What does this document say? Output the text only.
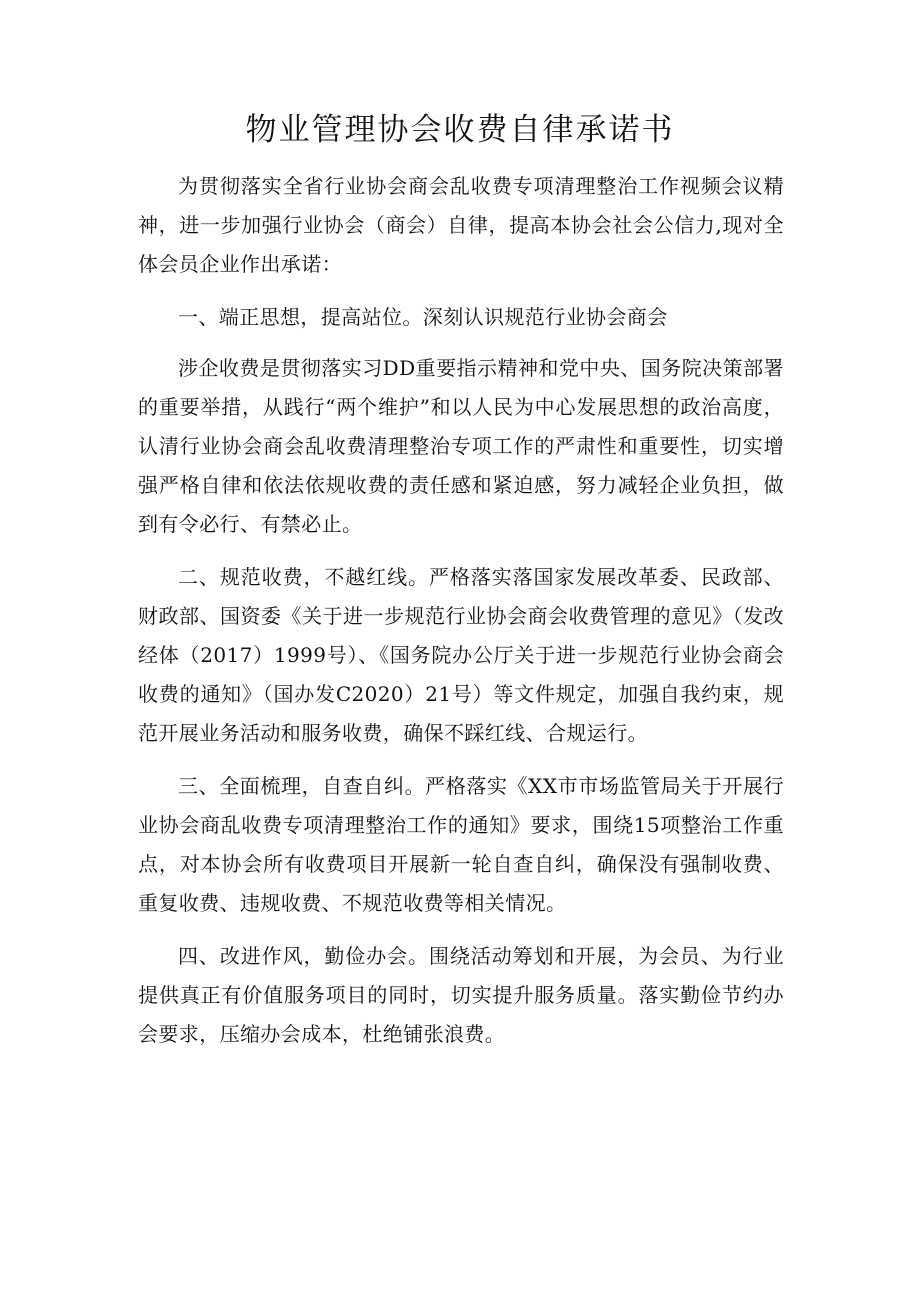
物业管理协会收费自律承诺书

为贯彻落实全省行业协会商会乱收费专项清理整治工作视频会议精神，进一步加强行业协会（商会）自律，提高本协会社会公信力,现对全体会员企业作出承诺：

一、端正思想，提高站位。深刻认识规范行业协会商会

涉企收费是贯彻落实习DD重要指示精神和党中央、国务院决策部署的重要举措，从践行“两个维护”和以人民为中心发展思想的政治高度，认清行业协会商会乱收费清理整治专项工作的严肃性和重要性，切实增强严格自律和依法依规收费的责任感和紧迫感，努力减轻企业负担，做到有令必行、有禁必止。

二、规范收费，不越红线。严格落实落国家发展改革委、民政部、财政部、国资委《关于进一步规范行业协会商会收费管理的意见》（发改经体（2017）1999号）、《国务院办公厅关于进一步规范行业协会商会收费的通知》（国办发C2020）21号）等文件规定，加强自我约束，规范开展业务活动和服务收费，确保不踩红线、合规运行。

三、全面梳理，自查自纠。严格落实《XX市市场监管局关于开展行业协会商乱收费专项清理整治工作的通知》要求，围绕15项整治工作重点，对本协会所有收费项目开展新一轮自查自纠，确保没有强制收费、重复收费、违规收费、不规范收费等相关情况。

四、改进作风，勤俭办会。围绕活动筹划和开展，为会员、为行业提供真正有价值服务项目的同时，切实提升服务质量。落实勤俭节约办会要求，压缩办会成本，杜绝铺张浪费。
